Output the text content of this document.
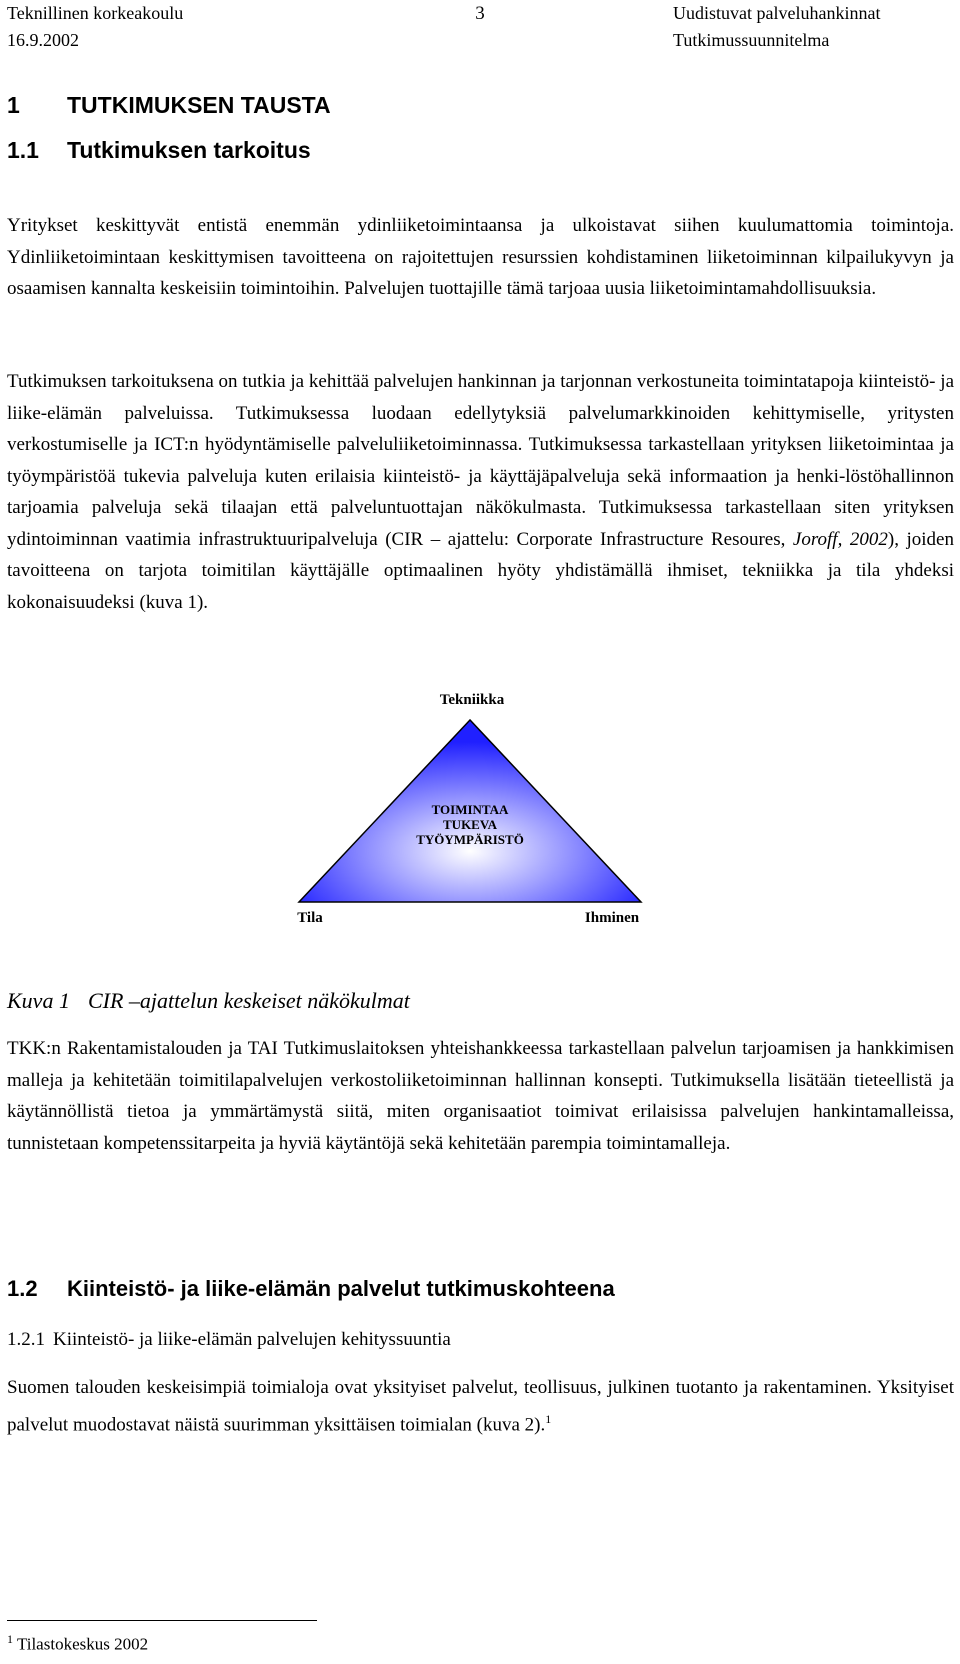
Teknillinen korkeakoulu
16.9.2002
3	Uudistuvat palveluhankinnat
Tutkimussuunnitelma
1 TUTKIMUKSEN TAUSTA
1.1 Tutkimuksen tarkoitus

Yritykset keskittyvät entistä enemmän ydinliiketoimintaansa ja ulkoistavat siihen kuulumattomia toimintoja. Ydinliiketoimintaan keskittymisen tavoitteena on rajoitettujen resurssien kohdistaminen liiketoiminnan kilpailukyvyn ja osaamisen kannalta keskeisiin toimintoihin. Palvelujen tuottajille tämä tarjoaa uusia liiketoimintamahdollisuuksia.

Tutkimuksen tarkoituksena on tutkia ja kehittää palvelujen hankinnan ja tarjonnan verkostuneita toimintatapoja kiinteistö- ja liike-elämän palveluissa. Tutkimuksessa luodaan edellytyksiä palvelumarkkinoiden kehittymiselle, yritysten verkostumiselle ja ICT:n hyödyntämiselle palveluliiketoiminnassa. Tutkimuksessa tarkastellaan yrityksen liiketoimintaa ja työympäristöä tukevia palveluja kuten erilaisia kiinteistö- ja käyttäjäpalveluja sekä informaation ja henki-löstöhallinnon tarjoamia palveluja sekä tilaajan että palveluntuottajan näkökulmasta. Tutkimuksessa tarkastellaan siten yrityksen ydintoiminnan vaatimia infrastruktuuripalveluja (CIR – ajattelu: Corporate Infrastructure Resoures, Joroff, 2002), joiden tavoitteena on tarjota toimitilan käyttäjälle optimaalinen hyöty yhdistämällä ihmiset, tekniikka ja tila yhdeksi kokonaisuudeksi (kuva 1).

Tekniikka
TOIMINTAA
TUKEVA
TYÖYMPÄRISTÖ
Tila	Ihminen
Kuva 1 CIR –ajattelun keskeiset näkökulmat

TKK:n Rakentamistalouden ja TAI Tutkimuslaitoksen yhteishankkeessa tarkastellaan palvelun tarjoamisen ja hankkimisen malleja ja kehitetään toimitilapalvelujen verkostoliiketoiminnan hallinnan konsepti. Tutkimuksella lisätään tieteellistä ja käytännöllistä tietoa ja ymmärtämystä siitä, miten organisaatiot toimivat erilaisissa palvelujen hankintamalleissa, tunnistetaan kompetenssitarpeita ja hyviä käytäntöjä sekä kehitetään parempia toimintamalleja.

1.2 Kiinteistö- ja liike-elämän palvelut tutkimuskohteena
1.2.1 Kiinteistö- ja liike-elämän palvelujen kehityssuuntia

Suomen talouden keskeisimpiä toimialoja ovat yksityiset palvelut, teollisuus, julkinen tuotanto ja rakentaminen. Yksityiset palvelut muodostavat näistä suurimman yksittäisen toimialan (kuva 2).$^1$

$^1$ Tilastokeskus 2002
